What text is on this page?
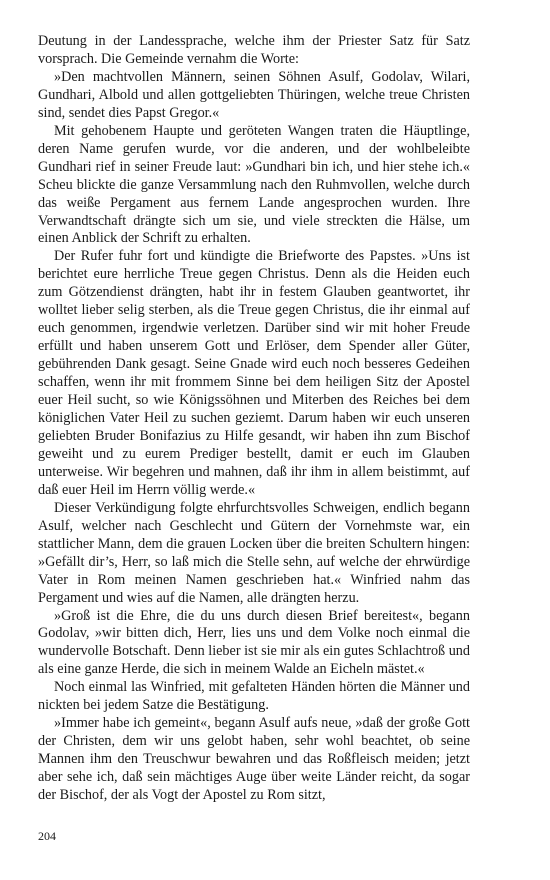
Deutung in der Landessprache, welche ihm der Priester Satz für Satz vorsprach. Die Gemeinde vernahm die Worte:

»Den machtvollen Männern, seinen Söhnen Asulf, Godolav, Wilari, Gundhari, Albold und allen gottgeliebten Thüringen, welche treue Christen sind, sendet dies Papst Gregor.«

Mit gehobenem Haupte und geröteten Wangen traten die Häuptlinge, deren Name gerufen wurde, vor die anderen, und der wohlbeleibte Gundhari rief in seiner Freude laut: »Gundhari bin ich, und hier stehe ich.« Scheu blickte die ganze Versammlung nach den Ruhmvollen, welche durch das weiße Pergament aus fernem Lande angesprochen wurden. Ihre Verwandtschaft drängte sich um sie, und viele streckten die Hälse, um einen Anblick der Schrift zu erhalten.

Der Rufer fuhr fort und kündigte die Briefworte des Papstes. »Uns ist berichtet eure herrliche Treue gegen Christus. Denn als die Heiden euch zum Götzendienst drängten, habt ihr in festem Glauben geantwortet, ihr wolltet lieber selig sterben, als die Treue gegen Christus, die ihr einmal auf euch genommen, irgendwie verletzen. Darüber sind wir mit hoher Freude erfüllt und haben unserem Gott und Erlöser, dem Spender aller Güter, gebührenden Dank gesagt. Seine Gnade wird euch noch besseres Gedeihen schaffen, wenn ihr mit frommem Sinne bei dem heiligen Sitz der Apostel euer Heil sucht, so wie Königssöhnen und Miterben des Reiches bei dem königlichen Vater Heil zu suchen geziemt. Darum haben wir euch unseren geliebten Bruder Bonifazius zu Hilfe gesandt, wir haben ihn zum Bischof geweiht und zu eurem Prediger bestellt, damit er euch im Glauben unterweise. Wir begehren und mahnen, daß ihr ihm in allem beistimmt, auf daß euer Heil im Herrn völlig werde.«

Dieser Verkündigung folgte ehrfurchtsvolles Schweigen, endlich begann Asulf, welcher nach Geschlecht und Gütern der Vornehmste war, ein stattlicher Mann, dem die grauen Locken über die breiten Schultern hingen: »Gefällt dir’s, Herr, so laß mich die Stelle sehn, auf welche der ehrwürdige Vater in Rom meinen Namen geschrieben hat.« Winfried nahm das Pergament und wies auf die Namen, alle drängten herzu.

»Groß ist die Ehre, die du uns durch diesen Brief bereitest«, begann Godolav, »wir bitten dich, Herr, lies uns und dem Volke noch einmal die wundervolle Botschaft. Denn lieber ist sie mir als ein gutes Schlachtroß und als eine ganze Herde, die sich in meinem Walde an Eicheln mästet.«

Noch einmal las Winfried, mit gefalteten Händen hörten die Männer und nickten bei jedem Satze die Bestätigung.

»Immer habe ich gemeint«, begann Asulf aufs neue, »daß der große Gott der Christen, dem wir uns gelobt haben, sehr wohl beachtet, ob seine Mannen ihm den Treuschwur bewahren und das Roßfleisch meiden; jetzt aber sehe ich, daß sein mächtiges Auge über weite Länder reicht, da sogar der Bischof, der als Vogt der Apostel zu Rom sitzt,

204
